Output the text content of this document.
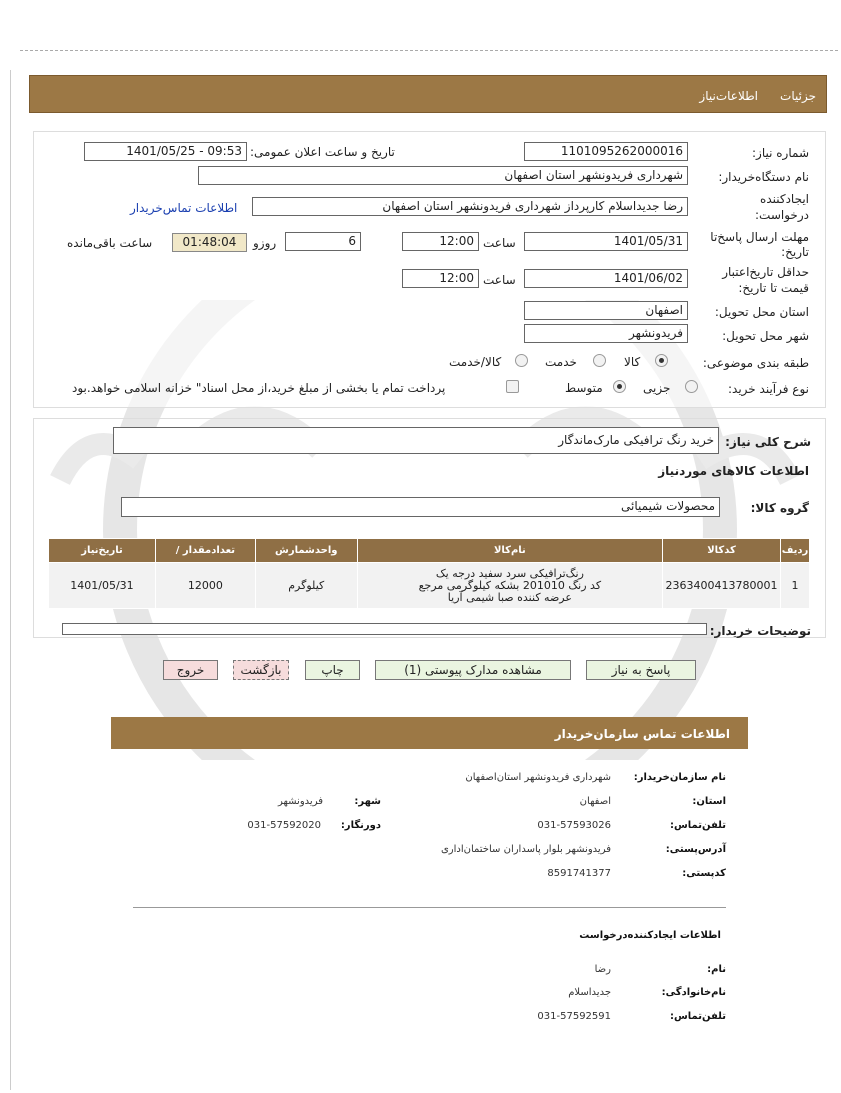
جزئیات
اطلاعات‌نیاز
شماره نیاز:
1101095262000016
تاریخ و ساعت اعلان عمومی:
1401/05/25 - 09:53
نام دستگاه‌خریدار:
شهرداری فریدونشهر استان اصفهان
ایجادکننده
درخواست:
رضا جدیداسلام کارپرداز شهرداری فریدونشهر استان اصفهان
اطلاعات تماس‌خریدار
مهلت ارسال پاسخ‌تا
تاریخ:
1401/05/31
ساعت
12:00
6
روزو
01:48:04
ساعت باقی‌مانده
حداقل تاریخ‌اعتبار
قیمت تا تاریخ:
1401/06/02
ساعت
12:00
استان محل تحویل:
اصفهان
شهر محل تحویل:
فریدونشهر
طبقه بندی موضوعی:
کالا
خدمت
کالا/خدمت
نوع فرآیند خرید:
جزیی
متوسط
پرداخت تمام یا بخشی از مبلغ خرید،از محل اسناد" خزانه اسلامی خواهد.بود
شرح کلی نیاز:
خرید رنگ ترافیکی مارک‌ماندگار
اطلاعات کالاهای موردنیاز
گروه کالا:
محصولات شیمیائی
ردیف	کدکالا	نام‌کالا	واحدشمارش	تعدادمقدار /	تاریخ‌نیاز
1	2363400413780001	رنگ‌ترافیکی سرد سفید درجه یک
کد رنگ 201010 بشکه کیلوگرمی مرجع
عرضه کننده صبا شیمی آریا	کیلوگرم	12000	1401/05/31
توضیحات خریدار:
پاسخ به نیاز
مشاهده مدارک پیوستی (1)
چاپ
بازگشت
خروج
اطلاعات تماس سازمان‌خریدار
نام سازمان‌خریدار:
شهرداری فریدونشهر استان‌اصفهان
استان:
اصفهان
شهر:
فریدونشهر
تلفن‌تماس:
031-57593026
دورنگار:
031-57592020
آدرس‌پستی:
فریدونشهر بلوار پاسداران ساختمان‌اداری
کدپستی:
8591741377
اطلاعات ایجادکننده‌درخواست
نام:
رضا
نام‌خانوادگی:
جدیداسلام
تلفن‌تماس:
031-57592591
